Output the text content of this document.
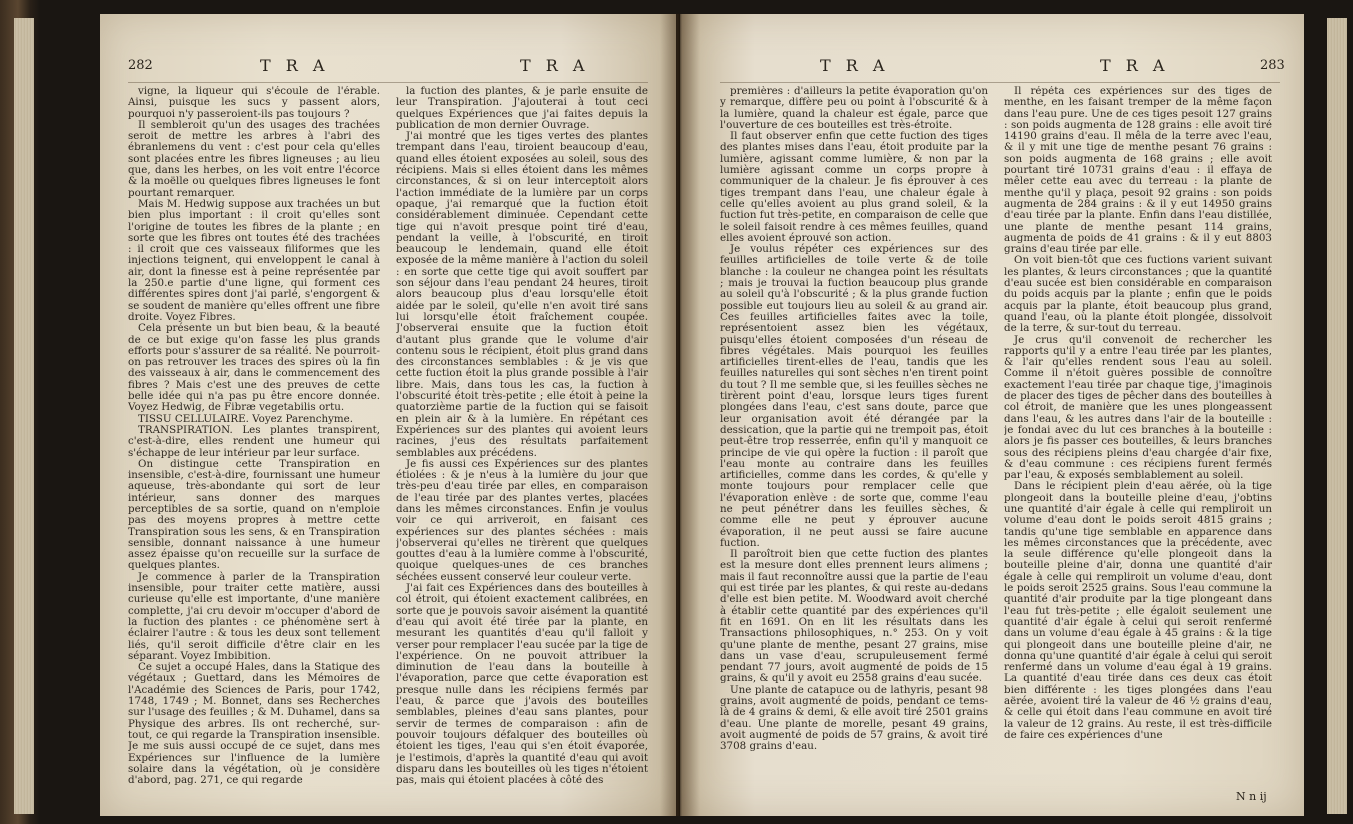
282	T R A	T R A

vigne, la liqueur qui s'écoule de l'érable. Ainsi, puisque les sucs y passent alors, pourquoi n'y passeroient-ils pas toujours ?

Il sembleroit qu'un des usages des trachées seroit de mettre les arbres à l'abri des ébranlemens du vent : c'est pour cela qu'elles sont placées entre les fibres ligneuses ; au lieu que, dans les herbes, on les voit entre l'écorce & la moëlle ou quelques fibres ligneuses le font pourtant remarquer.

Mais M. Hedwig suppose aux trachées un but bien plus important : il croit qu'elles sont l'origine de toutes les fibres de la plante ; en sorte que les fibres ont toutes été des trachées : il croit que ces vaisseaux filiformes que les injections teignent, qui enveloppent le canal à air, dont la finesse est à peine représentée par la 250.e partie d'une ligne, qui forment ces différentes spires dont j'ai parlé, s'engorgent & se soudent de manière qu'elles offrent une fibre droite. Voyez Fibres.

Cela présente un but bien beau, & la beauté de ce but exige qu'on fasse les plus grands efforts pour s'assurer de sa réalité. Ne pourroit-on pas retrouver les traces des spires où la fin des vaisseaux à air, dans le commencement des fibres ? Mais c'est une des preuves de cette belle idée qui n'a pas pu être encore donnée. Voyez Hedwig, de Fibræ vegetabilis ortu.

TISSU CELLULAIRE. Voyez Parenchyme.

TRANSPIRATION. Les plantes transpirent, c'est-à-dire, elles rendent une humeur qui s'échappe de leur intérieur par leur surface.

On distingue cette Transpiration en insensible, c'est-à-dire, fournissant une humeur aqueuse, très-abondante qui sort de leur intérieur, sans donner des marques perceptibles de sa sortie, quand on n'emploie pas des moyens propres à mettre cette Transpiration sous les sens, & en Transpiration sensible, donnant naissance à une humeur assez épaisse qu'on recueille sur la surface de quelques plantes.

Je commence à parler de la Transpiration insensible, pour traiter cette matière, aussi curieuse qu'elle est importante, d'une manière complette, j'ai cru devoir m'occuper d'abord de la fuction des plantes : ce phénomène sert à éclairer l'autre : & tous les deux sont tellement liés, qu'il seroit difficile d'être clair en les séparant. Voyez Imbibition.

Ce sujet a occupé Hales, dans la Statique des végétaux ; Guettard, dans les Mémoires de l'Académie des Sciences de Paris, pour 1742, 1748, 1749 ; M. Bonnet, dans ses Recherches sur l'usage des feuilles ; & M. Duhamel, dans sa Physique des arbres. Ils ont recherché, sur-tout, ce qui regarde la Transpiration insensible. Je me suis aussi occupé de ce sujet, dans mes Expériences sur l'influence de la lumière solaire dans la végétation, où je considère d'abord, pag. 271, ce qui regarde

la fuction des plantes, & je parle ensuite de leur Transpiration. J'ajouterai à tout ceci quelques Expériences que j'ai faites depuis la publication de mon dernier Ouvrage.

J'ai montré que les tiges vertes des plantes trempant dans l'eau, tiroient beaucoup d'eau, quand elles étoient exposées au soleil, sous des récipiens. Mais si elles étoient dans les mêmes circonstances, & si on leur interceptoit alors l'action immédiate de la lumière par un corps opaque, j'ai remarqué que la fuction étoit considérablement diminuée. Cependant cette tige qui n'avoit presque point tiré d'eau, pendant la veille, à l'obscurité, en tiroit beaucoup le lendemain, quand elle étoit exposée de la même manière à l'action du soleil : en sorte que cette tige qui avoit souffert par son séjour dans l'eau pendant 24 heures, tiroit alors beaucoup plus d'eau lorsqu'elle étoit aidée par le soleil, qu'elle n'en avoit tiré sans lui lorsqu'elle étoit fraîchement coupée. J'observerai ensuite que la fuction étoit d'autant plus grande que le volume d'air contenu sous le récipient, étoit plus grand dans des circonstances semblables : & je vis que cette fuction étoit la plus grande possible à l'air libre. Mais, dans tous les cas, la fuction à l'obscurité étoit très-petite ; elle étoit à peine la quatorzième partie de la fuction qui se faisoit en plein air & à la lumière. En répétant ces Expériences sur des plantes qui avoient leurs racines, j'eus des résultats parfaitement semblables aux précédens.

Je fis aussi ces Expériences sur des plantes étiolées : & je n'eus à la lumière du jour que très-peu d'eau tirée par elles, en comparaison de l'eau tirée par des plantes vertes, placées dans les mêmes circonstances. Enfin je voulus voir ce qui arriveroit, en faisant ces expériences sur des plantes séchées : mais j'observerai qu'elles ne tirèrent que quelques gouttes d'eau à la lumière comme à l'obscurité, quoique quelques-unes de ces branches séchées eussent conservé leur couleur verte.

J'ai fait ces Expériences dans des bouteilles à col étroit, qui étoient exactement calibrées, en sorte que je pouvois savoir aisément la quantité d'eau qui avoit été tirée par la plante, en mesurant les quantités d'eau qu'il falloit y verser pour remplacer l'eau sucée par la tige de l'expérience. On ne pouvoit attribuer la diminution de l'eau dans la bouteille à l'évaporation, parce que cette évaporation est presque nulle dans les récipiens fermés par l'eau, & parce que j'avois des bouteilles semblables, pleines d'eau sans plantes, pour servir de termes de comparaison : afin de pouvoir toujours défalquer des bouteilles où étoient les tiges, l'eau qui s'en étoit évaporée, je l'estimois, d'après la quantité d'eau qui avoit disparu dans les bouteilles où les tiges n'étoient pas, mais qui étoient placées à côté des

T R A	T R A	283

premières : d'ailleurs la petite évaporation qu'on y remarque, diffère peu ou point à l'obscurité & à la lumière, quand la chaleur est égale, parce que l'ouverture de ces bouteilles est très-étroite.

Il faut observer enfin que cette fuction des tiges des plantes mises dans l'eau, étoit produite par la lumière, agissant comme lumière, & non par la lumière agissant comme un corps propre à communiquer de la chaleur. Je fis éprouver à ces tiges trempant dans l'eau, une chaleur égale à celle qu'elles avoient au plus grand soleil, & la fuction fut très-petite, en comparaison de celle que le soleil faisoit rendre à ces mêmes feuilles, quand elles avoient éprouvé son action.

Je voulus répéter ces expériences sur des feuilles artificielles de toile verte & de toile blanche : la couleur ne changea point les résultats ; mais je trouvai la fuction beaucoup plus grande au soleil qu'à l'obscurité ; & la plus grande fuction possible eut toujours lieu au soleil & au grand air. Ces feuilles artificielles faites avec la toile, représentoient assez bien les végétaux, puisqu'elles étoient composées d'un réseau de fibres végétales. Mais pourquoi les feuilles artificielles tirent-elles de l'eau, tandis que les feuilles naturelles qui sont sèches n'en tirent point du tout ? Il me semble que, si les feuilles sèches ne tirèrent point d'eau, lorsque leurs tiges furent plongées dans l'eau, c'est sans doute, parce que leur organisation avoit été dérangée par la dessication, que la partie qui ne trempoit pas, étoit peut-être trop resserrée, enfin qu'il y manquoit ce principe de vie qui opère la fuction : il paroît que l'eau monte au contraire dans les feuilles artificielles, comme dans les cordes, & qu'elle y monte toujours pour remplacer celle que l'évaporation enlève : de sorte que, comme l'eau ne peut pénétrer dans les feuilles sèches, & comme elle ne peut y éprouver aucune évaporation, il ne peut aussi se faire aucune fuction.

Il paroîtroit bien que cette fuction des plantes est la mesure dont elles prennent leurs alimens ; mais il faut reconnoître aussi que la partie de l'eau qui est tirée par les plantes, & qui reste au-dedans d'elle est bien petite. M. Woodward avoit cherché à établir cette quantité par des expériences qu'il fit en 1691. On en lit les résultats dans les Transactions philosophiques, n.° 253. On y voit qu'une plante de menthe, pesant 27 grains, mise dans un vase d'eau, scrupuleusement fermé pendant 77 jours, avoit augmenté de poids de 15 grains, & qu'il y avoit eu 2558 grains d'eau sucée.

Une plante de catapuce ou de lathyris, pesant 98 grains, avoit augmenté de poids, pendant ce tems-là de 4 grains & demi, & elle avoit tiré 2501 grains d'eau. Une plante de morelle, pesant 49 grains, avoit augmenté de poids de 57 grains, & avoit tiré 3708 grains d'eau.

Il répéta ces expériences sur des tiges de menthe, en les faisant tremper de la même façon dans l'eau pure. Une de ces tiges pesoit 127 grains : son poids augmenta de 128 grains : elle avoit tiré 14190 grains d'eau. Il mêla de la terre avec l'eau, & il y mit une tige de menthe pesant 76 grains : son poids augmenta de 168 grains ; elle avoit pourtant tiré 10731 grains d'eau : il effaya de mêler cette eau avec du terreau : la plante de menthe qu'il y plaça, pesoit 92 grains : son poids augmenta de 284 grains : & il y eut 14950 grains d'eau tirée par la plante. Enfin dans l'eau distillée, une plante de menthe pesant 114 grains, augmenta de poids de 41 grains : & il y eut 8803 grains d'eau tirée par elle.

On voit bien-tôt que ces fuctions varient suivant les plantes, & leurs circonstances ; que la quantité d'eau sucée est bien considérable en comparaison du poids acquis par la plante ; enfin que le poids acquis par la plante, étoit beaucoup plus grand, quand l'eau, où la plante étoit plongée, dissolvoit de la terre, & sur-tout du terreau.

Je crus qu'il convenoit de rechercher les rapports qu'il y a entre l'eau tirée par les plantes, & l'air qu'elles rendent sous l'eau au soleil. Comme il n'étoit guères possible de connoître exactement l'eau tirée par chaque tige, j'imaginois de placer des tiges de pêcher dans des bouteilles à col étroit, de manière que les unes plongeassent dans l'eau, & les autres dans l'air de la bouteille : je fondai avec du lut ces branches à la bouteille : alors je fis passer ces bouteilles, & leurs branches sous des récipiens pleins d'eau chargée d'air fixe, & d'eau commune : ces récipiens furent fermés par l'eau, & exposés semblablement au soleil.

Dans le récipient plein d'eau aërée, où la tige plongeoit dans la bouteille pleine d'eau, j'obtins une quantité d'air égale à celle qui rempliroit un volume d'eau dont le poids seroit 4815 grains ; tandis qu'une tige semblable en apparence dans les mêmes circonstances que la précédente, avec la seule différence qu'elle plongeoit dans la bouteille pleine d'air, donna une quantité d'air égale à celle qui rempliroit un volume d'eau, dont le poids seroit 2525 grains. Sous l'eau commune la quantité d'air produite par la tige plongeant dans l'eau fut très-petite ; elle égaloit seulement une quantité d'air égale à celui qui seroit renfermé dans un volume d'eau égale à 45 grains : & la tige qui plongeoit dans une bouteille pleine d'air, ne donna qu'une quantité d'air égale à celui qui seroit renfermé dans un volume d'eau égal à 19 grains. La quantité d'eau tirée dans ces deux cas étoit bien différente : les tiges plongées dans l'eau aërée, avoient tiré la valeur de 46 ½ grains d'eau, & celle qui étoit dans l'eau commune en avoit tiré la valeur de 12 grains. Au reste, il est très-difficile de faire ces expériences d'une

N n ij
